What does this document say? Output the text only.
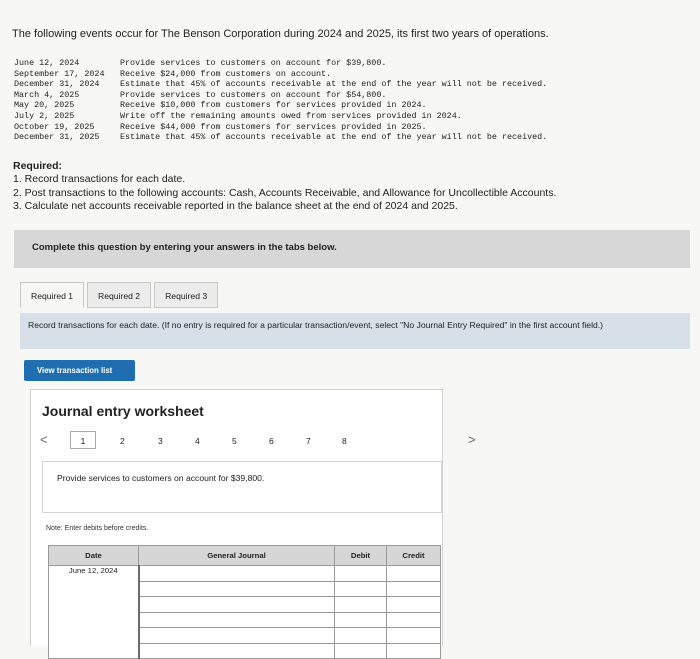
The following events occur for The Benson Corporation during 2024 and 2025, its first two years of operations.
June 12, 2024	Provide services to customers on account for $39,800.
September 17, 2024	Receive $24,000 from customers on account.
December 31, 2024	Estimate that 45% of accounts receivable at the end of the year will not be received.
March 4, 2025	Provide services to customers on account for $54,800.
May 20, 2025	Receive $10,000 from customers for services provided in 2024.
July 2, 2025	Write off the remaining amounts owed from services provided in 2024.
October 19, 2025	Receive $44,000 from customers for services provided in 2025.
December 31, 2025	Estimate that 45% of accounts receivable at the end of the year will not be received.
Required:
1. Record transactions for each date.
2. Post transactions to the following accounts: Cash, Accounts Receivable, and Allowance for Uncollectible Accounts.
3. Calculate net accounts receivable reported in the balance sheet at the end of 2024 and 2025.
Complete this question by entering your answers in the tabs below.
Required 1	Required 2	Required 3
Record transactions for each date. (If no entry is required for a particular transaction/event, select "No Journal Entry Required" in the first account field.)
View transaction list
Journal entry worksheet
<	1	2	3	4	5	6	7	8	>
Provide services to customers on account for $39,800.
Note: Enter debits before credits.
Date	General Journal	Debit	Credit
June 12, 2024			
